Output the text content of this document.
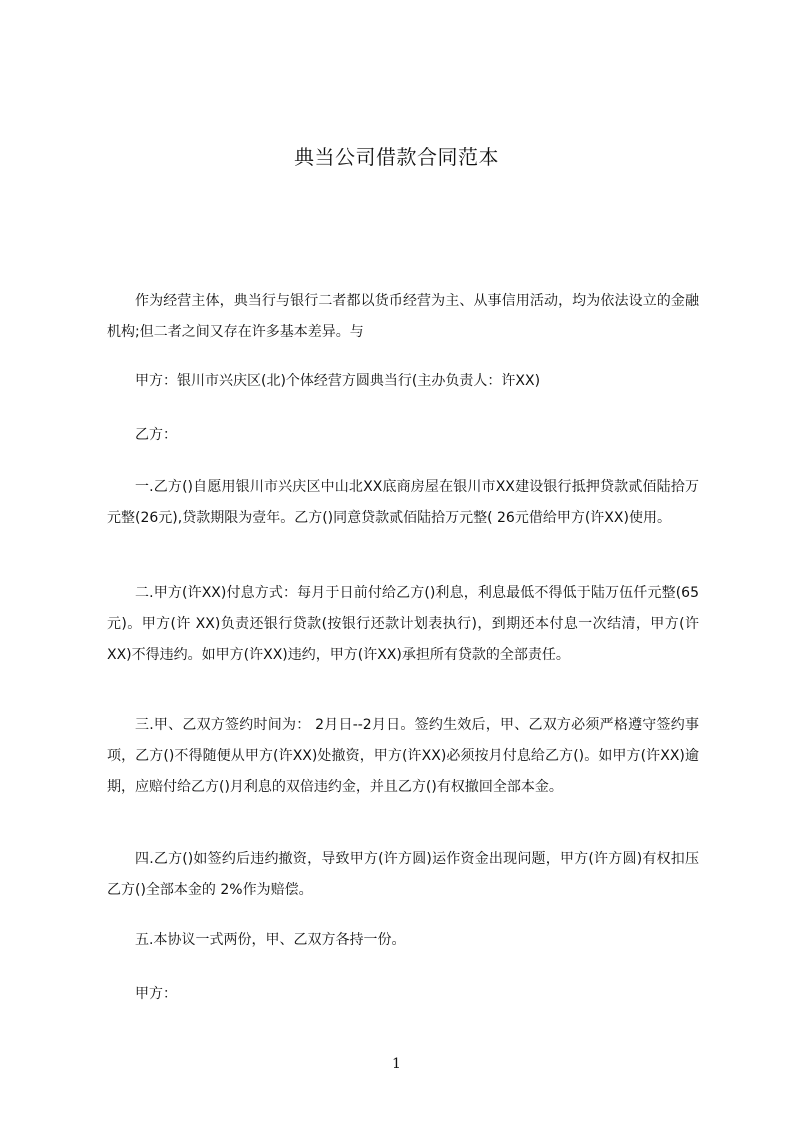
典当公司借款合同范本
作为经营主体，典当行与银行二者都以货币经营为主、从事信用活动，均为依法设立的金融机构;但二者之间又存在许多基本差异。与
甲方：银川市兴庆区(北)个体经营方圆典当行(主办负责人：许XX)
乙方：
一.乙方()自愿用银川市兴庆区中山北XX底商房屋在银川市XX建设银行抵押贷款贰佰陆拾万元整(26元),贷款期限为壹年。乙方()同意贷款贰佰陆拾万元整( 26元借给甲方(许XX)使用。
二.甲方(许XX)付息方式：每月于日前付给乙方()利息，利息最低不得低于陆万伍仟元整(65元)。甲方(许 XX)负责还银行贷款(按银行还款计划表执行)，到期还本付息一次结清，甲方(许XX)不得违约。如甲方(许XX)违约，甲方(许XX)承担所有贷款的全部责任。
三.甲、乙双方签约时间为： 2月日--2月日。签约生效后，甲、乙双方必须严格遵守签约事项，乙方()不得随便从甲方(许XX)处撤资，甲方(许XX)必须按月付息给乙方()。如甲方(许XX)逾期，应赔付给乙方()月利息的双倍违约金，并且乙方()有权撤回全部本金。
四.乙方()如签约后违约撤资，导致甲方(许方圆)运作资金出现问题，甲方(许方圆)有权扣压乙方()全部本金的 2%作为赔偿。
五.本协议一式两份，甲、乙双方各持一份。
甲方：
1
